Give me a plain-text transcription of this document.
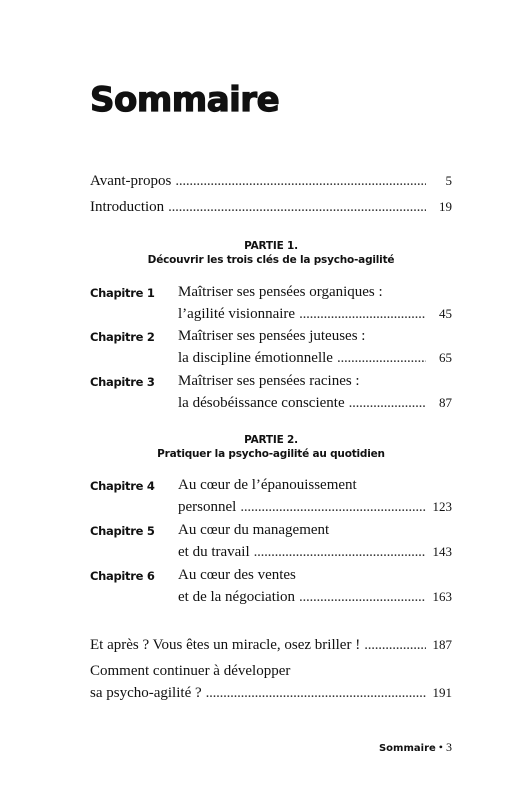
Sommaire
Avant-propos . . .	5
Introduction . . .	19
PARTIE 1.
Découvrir les trois clés de la psycho-agilité
Chapitre 1 Maîtriser ses pensées organiques :
l’agilité visionnaire . . .	45
Chapitre 2 Maîtriser ses pensées juteuses :
la discipline émotionnelle . . .	65
Chapitre 3 Maîtriser ses pensées racines :
la désobéissance consciente . . .	87
PARTIE 2.
Pratiquer la psycho-agilité au quotidien
Chapitre 4 Au cœur de l’épanouissement
personnel . . .	123
Chapitre 5 Au cœur du management
et du travail . . .	143
Chapitre 6 Au cœur des ventes
et de la négociation . . .	163
Et après ? Vous êtes un miracle, osez briller ! . . .	187
Comment continuer à développer
sa psycho-agilité ? . . .	191
Sommaire • 3
